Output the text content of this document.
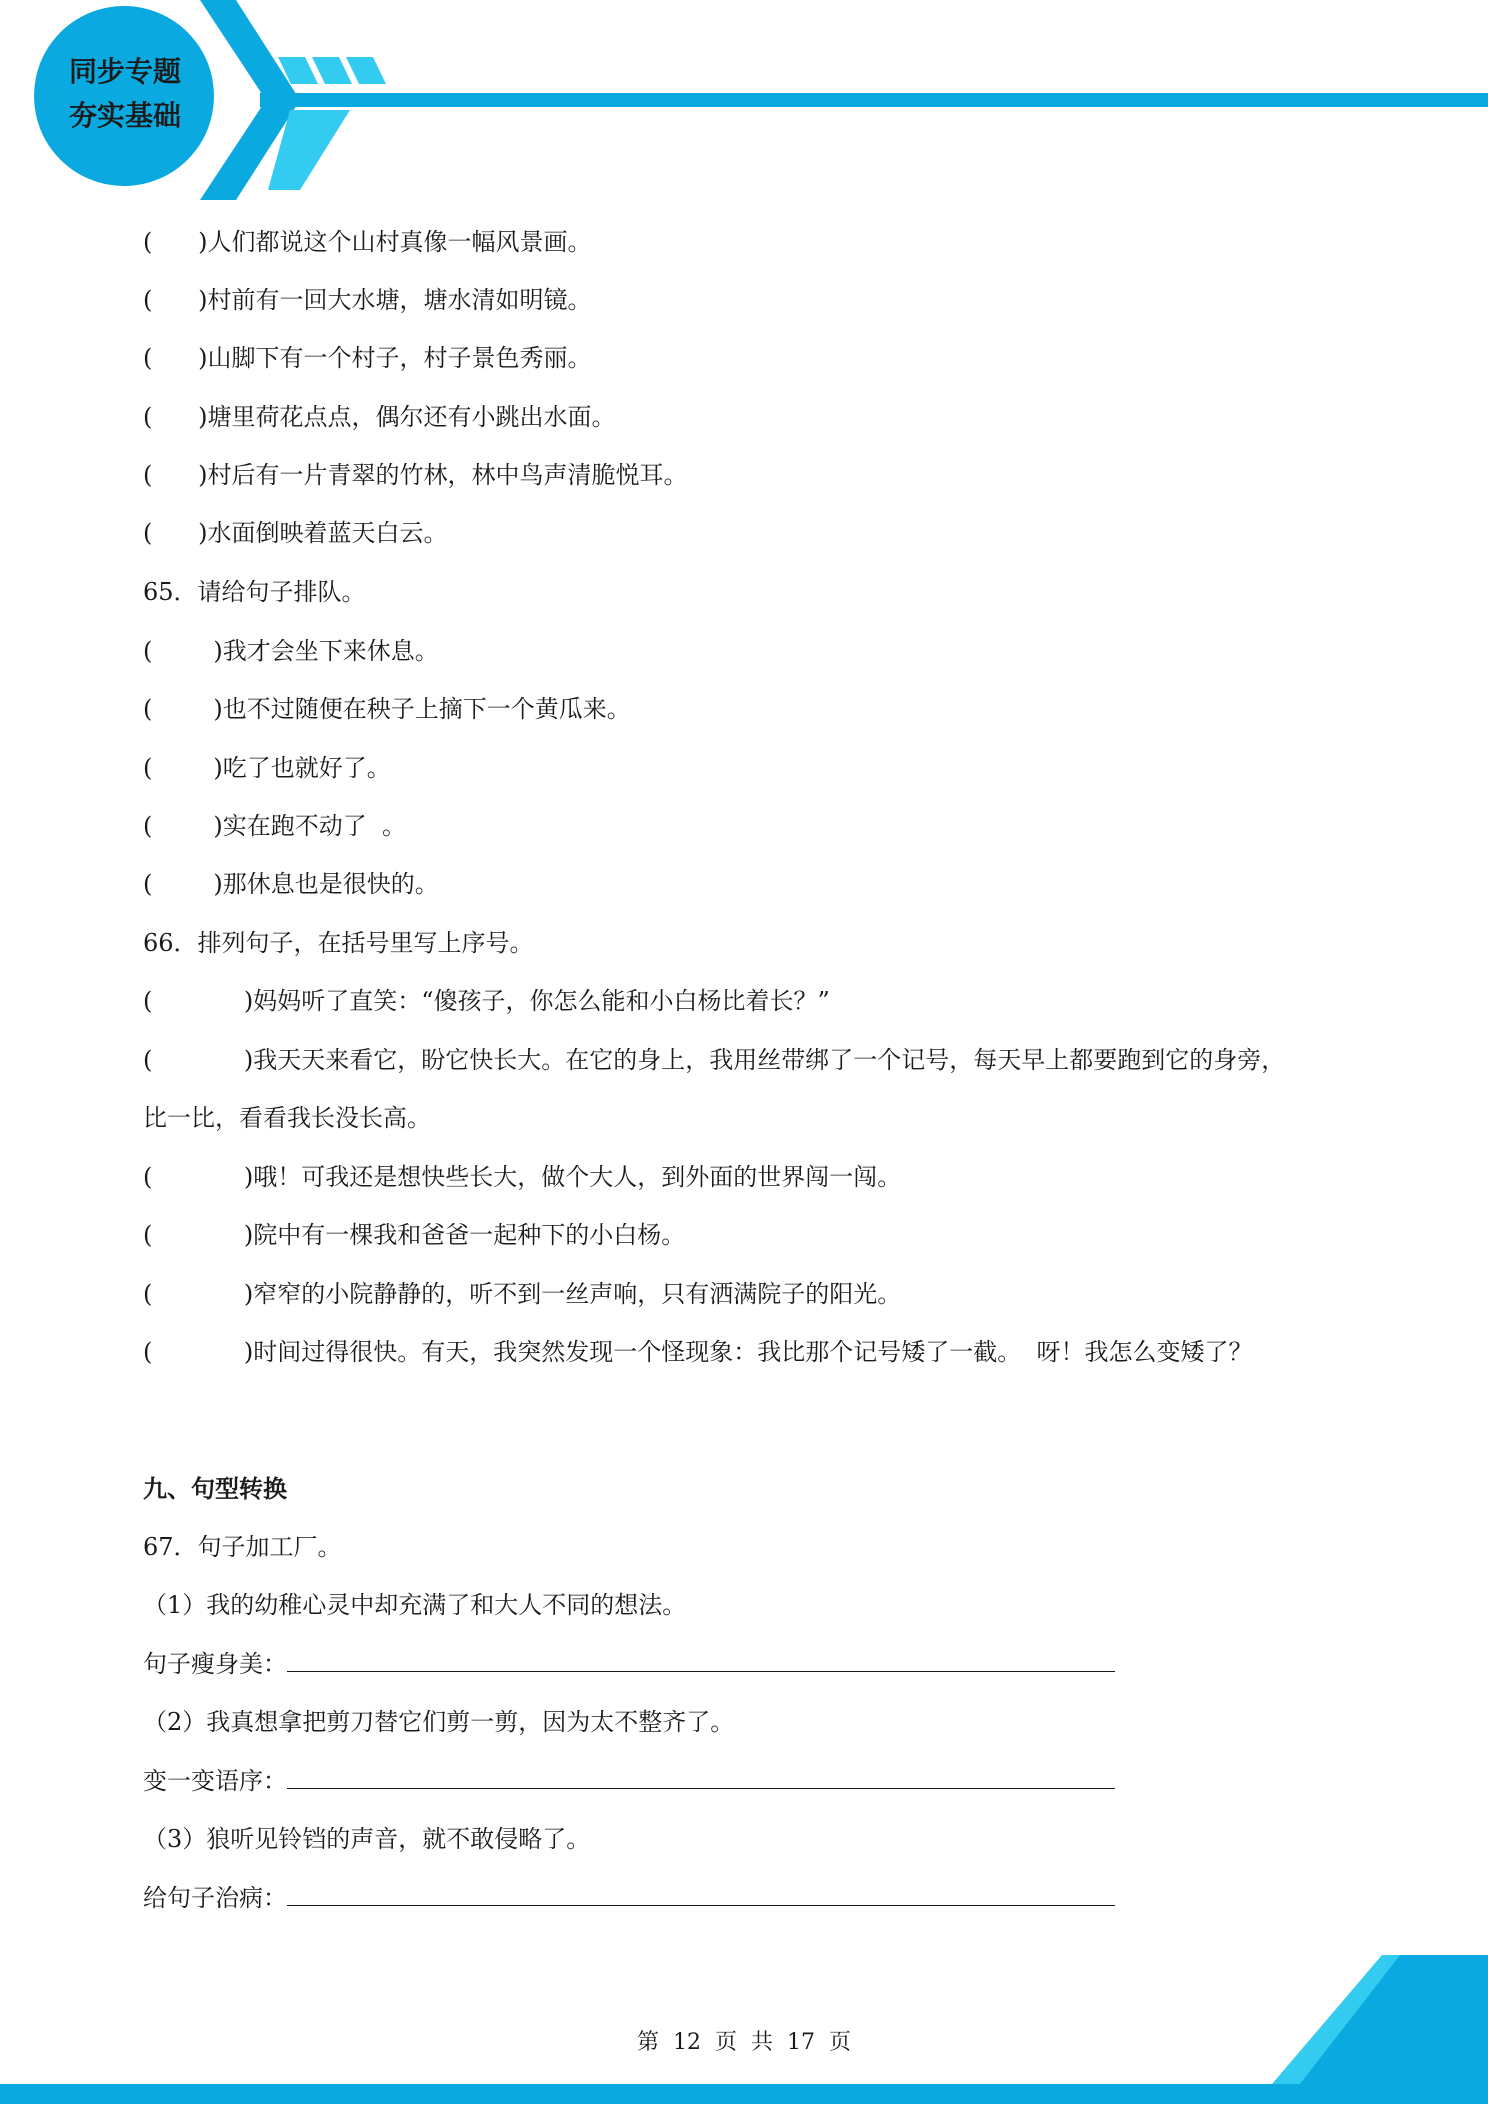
同步专题
夯实基础
(      )人们都说这个山村真像一幅风景画。
(      )村前有一回大水塘，塘水清如明镜。
(      )山脚下有一个村子，村子景色秀丽。
(      )塘里荷花点点，偶尔还有小跳出水面。
(      )村后有一片青翠的竹林，林中鸟声清脆悦耳。
(      )水面倒映着蓝天白云。
65．请给句子排队。
(        )我才会坐下来休息。
(        )也不过随便在秧子上摘下一个黄瓜来。
(        )吃了也就好了。
(        )实在跑不动了  。
(        )那休息也是很快的。
66．排列句子，在括号里写上序号。
(            )妈妈听了直笑：“傻孩子，你怎么能和小白杨比着长？”
(            )我天天来看它，盼它快长大。在它的身上，我用丝带绑了一个记号，每天早上都要跑到它的身旁，
比一比，看看我长没长高。
(            )哦！可我还是想快些长大，做个大人，到外面的世界闯一闯。
(            )院中有一棵我和爸爸一起种下的小白杨。
(            )窄窄的小院静静的，听不到一丝声响，只有洒满院子的阳光。
(            )时间过得很快。有天，我突然发现一个怪现象：我比那个记号矮了一截。  呀！我怎么变矮了？
九、句型转换
67．句子加工厂。
（1）我的幼稚心灵中却充满了和大人不同的想法。
句子瘦身美：
（2）我真想拿把剪刀替它们剪一剪，因为太不整齐了。
变一变语序：
（3）狼听见铃铛的声音，就不敢侵略了。
给句子治病：
第  12  页  共  17  页
